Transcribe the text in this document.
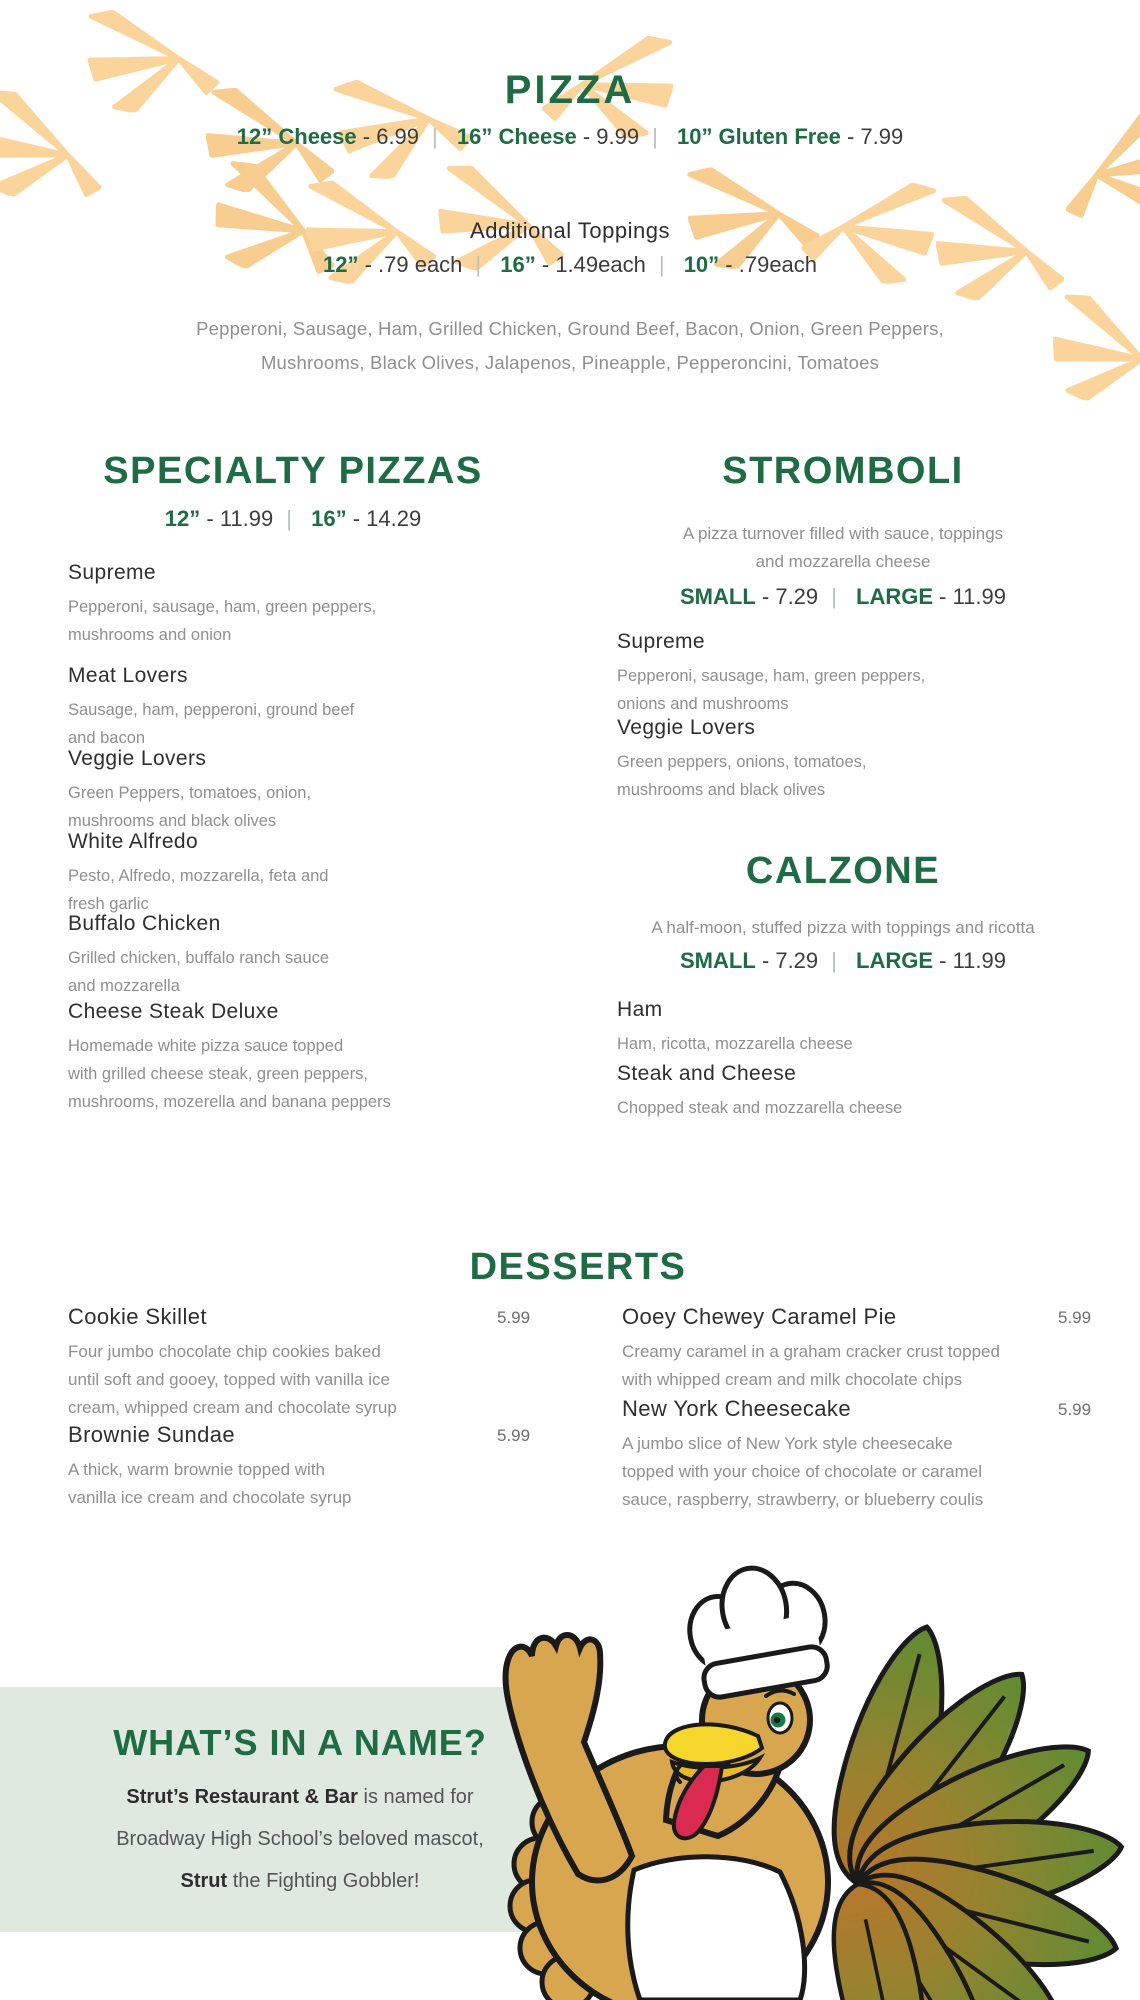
PIZZA
12” Cheese - 6.99 | 16” Cheese - 9.99 | 10” Gluten Free - 7.99
Additional Toppings
12” - .79 each | 16” - 1.49each | 10” - .79each
Pepperoni, Sausage, Ham, Grilled Chicken, Ground Beef, Bacon, Onion, Green Peppers,
Mushrooms, Black Olives, Jalapenos, Pineapple, Pepperoncini, Tomatoes
SPECIALTY PIZZAS
12” - 11.99 | 16” - 14.29
Supreme
Pepperoni, sausage, ham, green peppers,
mushrooms and onion
Meat Lovers
Sausage, ham, pepperoni, ground beef
and bacon
Veggie Lovers
Green Peppers, tomatoes, onion,
mushrooms and black olives
White Alfredo
Pesto, Alfredo, mozzarella, feta and
fresh garlic
Buffalo Chicken
Grilled chicken, buffalo ranch sauce
and mozzarella
Cheese Steak Deluxe
Homemade white pizza sauce topped
with grilled cheese steak, green peppers,
mushrooms, mozerella and banana peppers
STROMBOLI
A pizza turnover filled with sauce, toppings
and mozzarella cheese
SMALL - 7.29 | LARGE - 11.99
Supreme
Pepperoni, sausage, ham, green peppers,
onions and mushrooms
Veggie Lovers
Green peppers, onions, tomatoes,
mushrooms and black olives
CALZONE
A half-moon, stuffed pizza with toppings and ricotta
SMALL - 7.29 | LARGE - 11.99
Ham
Ham, ricotta, mozzarella cheese
Steak and Cheese
Chopped steak and mozzarella cheese
DESSERTS
Cookie Skillet
Four jumbo chocolate chip cookies baked
until soft and gooey, topped with vanilla ice
cream, whipped cream and chocolate syrup
5.99
Brownie Sundae
A thick, warm brownie topped with
vanilla ice cream and chocolate syrup
5.99
Ooey Chewey Caramel Pie
Creamy caramel in a graham cracker crust topped
with whipped cream and milk chocolate chips
5.99
New York Cheesecake
A jumbo slice of New York style cheesecake
topped with your choice of chocolate or caramel
sauce, raspberry, strawberry, or blueberry coulis
5.99
WHAT’S IN A NAME?
Strut’s Restaurant & Bar is named for
Broadway High School’s beloved mascot,
Strut the Fighting Gobbler!
